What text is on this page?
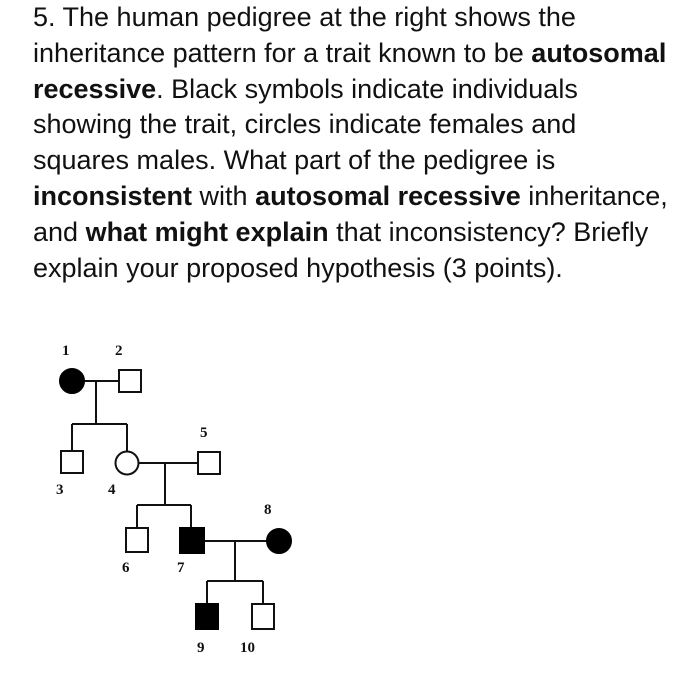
5. The human pedigree at the right shows the inheritance pattern for a trait known to be autosomal recessive. Black symbols indicate individuals showing the trait, circles indicate females and squares males. What part of the pedigree is inconsistent with autosomal recessive inheritance, and what might explain that inconsistency? Briefly explain your proposed hypothesis (3 points).

1	2
3	4
5
6	7
8
9 10
